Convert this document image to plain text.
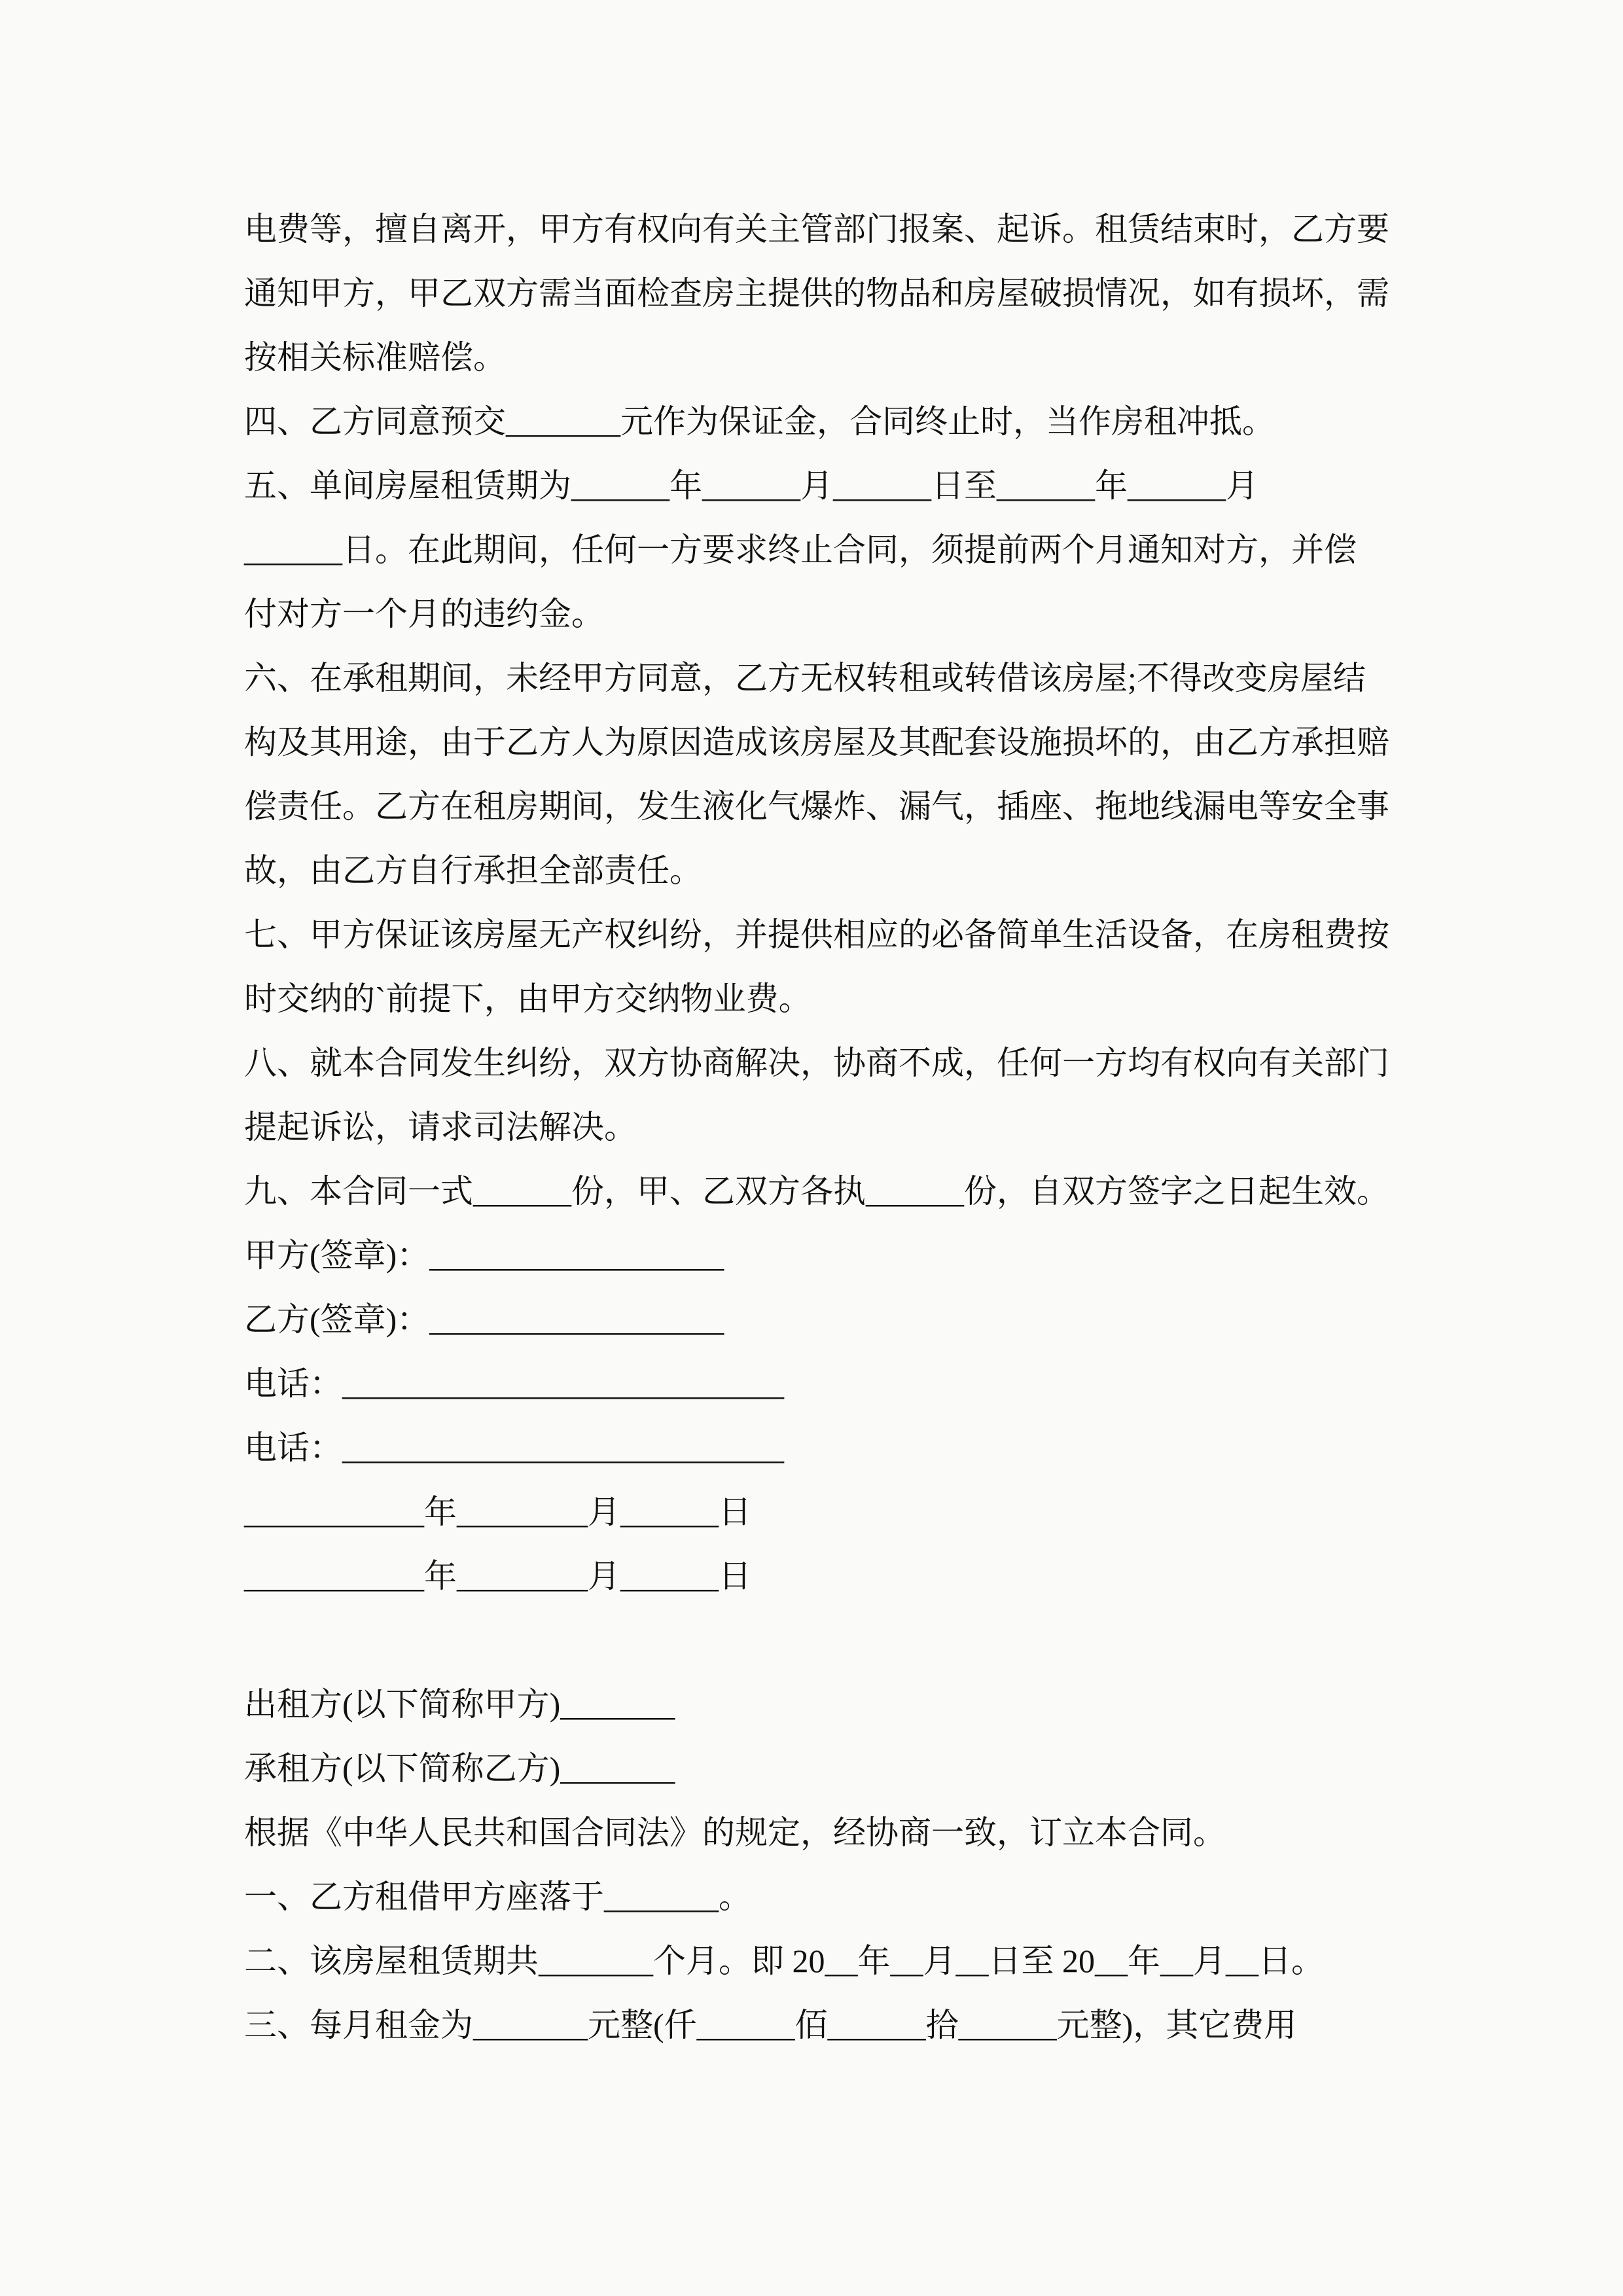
电费等，擅自离开，甲方有权向有关主管部门报案、起诉。租赁结束时，乙方要

通知甲方，甲乙双方需当面检查房主提供的物品和房屋破损情况，如有损坏，需

按相关标准赔偿。

四、乙方同意预交_______元作为保证金，合同终止时，当作房租冲抵。

五、单间房屋租赁期为______年______月______日至______年______月

______日。在此期间，任何一方要求终止合同，须提前两个月通知对方，并偿

付对方一个月的违约金。

六、在承租期间，未经甲方同意，乙方无权转租或转借该房屋;不得改变房屋结

构及其用途，由于乙方人为原因造成该房屋及其配套设施损坏的，由乙方承担赔

偿责任。乙方在租房期间，发生液化气爆炸、漏气，插座、拖地线漏电等安全事

故，由乙方自行承担全部责任。

七、甲方保证该房屋无产权纠纷，并提供相应的必备简单生活设备，在房租费按

时交纳的`前提下，由甲方交纳物业费。

八、就本合同发生纠纷，双方协商解决，协商不成，任何一方均有权向有关部门

提起诉讼，请求司法解决。

九、本合同一式______份，甲、乙双方各执______份，自双方签字之日起生效。

甲方(签章)：__________________

乙方(签章)：__________________

电话：___________________________

电话：___________________________

___________年________月______日

___________年________月______日

出租方(以下简称甲方)_______

承租方(以下简称乙方)_______

根据《中华人民共和国合同法》的规定，经协商一致，订立本合同。

一、乙方租借甲方座落于_______。

二、该房屋租赁期共_______个月。即 20__年__月__日至 20__年__月__日。

三、每月租金为_______元整(仟______佰______拾______元整)，其它费用
